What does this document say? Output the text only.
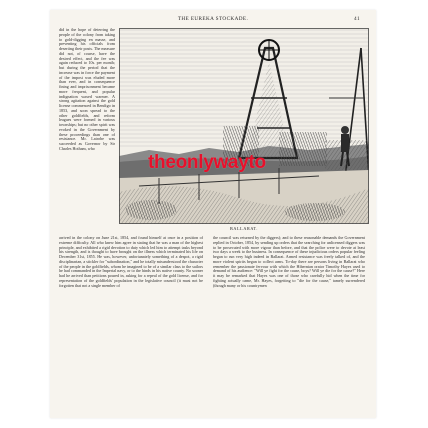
THE EUREKA STOCKADE.	41
did in the hope of deterring the people of the colony from taking to gold-digging en masse, and preventing his officials from deserting their posts. The measure did not, of course, have the desired effect, and the fee was again reduced to 10s. per month; but during the period that the increase was in force the payment of the impost was eluded more than ever, and in consequence fining and imprisonment became more frequent, and popular indignation waxed warmer. A strong agitation against the gold license commenced in Bendigo in 1853, and soon spread to the other goldfields, and reform leagues were formed in various townships; but no other spirit was evoked in the Government by these proceedings than one of resistance. Mr. Latrobe was succeeded as Governor by Sir Charles Hotham, who
BALLARAT.
theonlywayto
arrived in the colony on June 21st, 1854, and found himself at once in a position of extreme difficulty. All who knew him agree in stating that he was a man of the highest principle, and exhibited a rigid devotion to duty which led him to attempt tasks beyond his strength, and is thought to have brought on the illness which terminated his life on December 31st, 1855. He was, however, unfortunately something of a despot, a rigid disciplinarian, a stickler for "subordination," and he totally misunderstood the character of the people in the goldfields, whom he imagined to be of a similar class to the sailors he had commanded in the Imperial navy, or to the hinds in his native county. No sooner had he arrived than petitions poured in, asking for a repeal of the gold license, and for representation of the goldfields' population in the legislative council (it must not be forgotten that not a single member of
the council was returned by the diggers); and to these reasonable demands the Government replied in October, 1854, by sending up orders that the searching for unlicensed diggers was to be prosecuted with more vigour than before, and that the police were to devote at least two days a week to the business. In consequence of these injudicious orders popular feeling began to run very high indeed in Ballarat. Armed resistance was freely talked of, and the more violent spirits began to collect arms. To-day there are persons living in Ballarat who remember the passionate fervour with which the Hibernian orator Timothy Hayes used to demand of his audience: "Will ye fight for the cause, boys? Will ye die for the cause?" Here it may be remarked that Hayes was one of those who carefully hid when the time for fighting actually came, Mr. Hayes, forgetting to "die for the cause," tamely surrendered (though many or his countrymen
